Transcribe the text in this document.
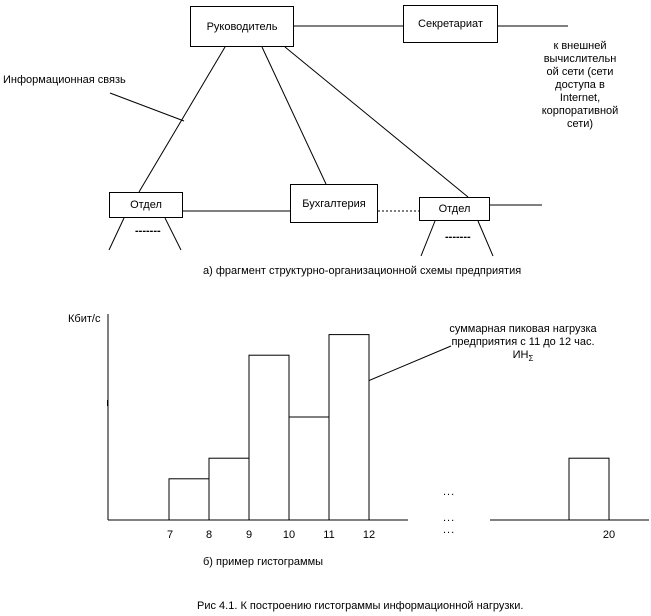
Руководитель	Секретариат
Отдел	Бухгалтерия	Отдел
Информационная связь
к внешней
вычислительн
ой сети (сети
доступа в
Internet,
корпоративной
сети)
-------	-------
а) фрагмент структурно-организационной схемы предприятия
Кбит/с
суммарная пиковая нагрузка
предприятия с 11 до 12 час.
$ИН_\Sigma$
7	8	9	10	11	12	20
...
...
...
б) пример гистограммы
Рис 4.1. К построению гистограммы информационной нагрузки.
